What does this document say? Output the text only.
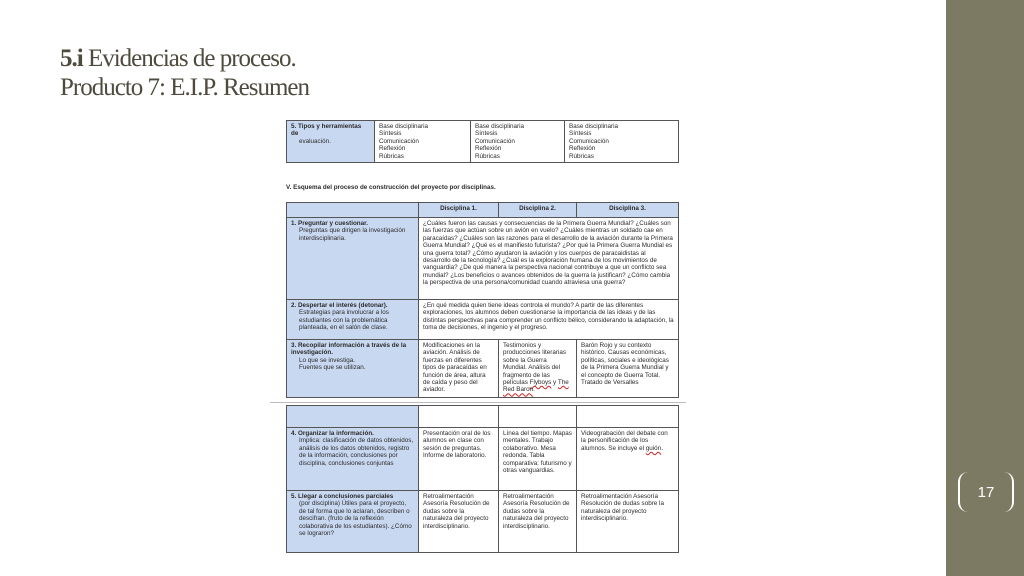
5.i Evidencias de proceso.
Producto 7: E.I.P. Resumen
5. Tipos y herramientas de
evaluación.

Base disciplinaria
Síntesis
Comunicación
Reflexión
Rúbricas

Base disciplinaria
Síntesis
Comunicación
Reflexión
Rúbricas

Base disciplinaria
Síntesis
Comunicación
Reflexión
Rúbricas
V. Esquema del proceso de construcción del proyecto por disciplinas.
	Disciplina 1.	Disciplina 2.	Disciplina 3.

1. Preguntar y cuestionar.
Preguntas que dirigen la investigación interdisciplinaria.	¿Cuáles fueron las causas y consecuencias de la Primera Guerra Mundial? ¿Cuáles son las fuerzas que actúan sobre un avión en vuelo? ¿Cuáles mientras un soldado cae en paracaídas? ¿Cuáles son las razones para el desarrollo de la aviación durante la Primera Guerra Mundial? ¿Qué es el manifiesto futurista? ¿Por qué la Primera Guerra Mundial es una guerra total? ¿Cómo ayudaron la aviación y los cuerpos de paracaidistas al desarrollo de la tecnología? ¿Cuál es la exploración humana de los movimientos de vanguardia? ¿De qué manera la perspectiva nacional contribuye a que un conflicto sea mundial? ¿Los beneficios o avances obtenidos de la guerra la justifican? ¿Cómo cambia la perspectiva de una persona/comunidad cuando atraviesa una guerra?		

2. Despertar el interés (detonar).
Estrategias para involucrar a los estudiantes con la problemática planteada, en el salón de clase.	¿En qué medida quien tiene ideas controla el mundo? A partir de las diferentes exploraciones, los alumnos deben cuestionarse la importancia de las ideas y de las distintas perspectivas para comprender un conflicto bélico, considerando la adaptación, la toma de decisiones, el ingenio y el progreso.		

3. Recopilar información a través de la investigación.
Lo que se investiga.
Fuentes que se utilizan.	Modificaciones en la aviación. Análisis de fuerzas en diferentes tipos de paracaídas en función de área, altura de caída y peso del aviador.	Testimonios y producciones literarias sobre la Guerra Mundial. Análisis del fragmento de las películas Flyboys y The Red Baron.	Barón Rojo y su contexto histórico. Causas económicas, políticas, sociales e ideológicas de la Primera Guerra Mundial y el concepto de Guerra Total. Tratado de Versalles

4. Organizar la información.
Implica: clasificación de datos obtenidos, análisis de los datos obtenidos, registro de la información, conclusiones por disciplina, conclusiones conjuntas	Presentación oral de los alumnos en clase con sesión de preguntas. Informe de laboratorio.	Línea del tiempo. Mapas mentales. Trabajo colaborativo. Mesa redonda. Tabla comparativa: futurismo y otras vanguardias.	Videograbación del debate con la personificación de los alumnos. Se incluye el guión.

5. Llegar a conclusiones parciales
(por disciplina) Útiles para el proyecto, de tal forma que lo aclaran, describen o descifran. (fruto de la reflexión colaborativa de los estudiantes). ¿Cómo se lograron?	Retroalimentación Asesoría Resolución de dudas sobre la naturaleza del proyecto interdisciplinario.	Retroalimentación Asesoría Resolución de dudas sobre la naturaleza del proyecto interdisciplinario.	Retroalimentación Asesoría Resolución de dudas sobre la naturaleza del proyecto interdisciplinario.
17
